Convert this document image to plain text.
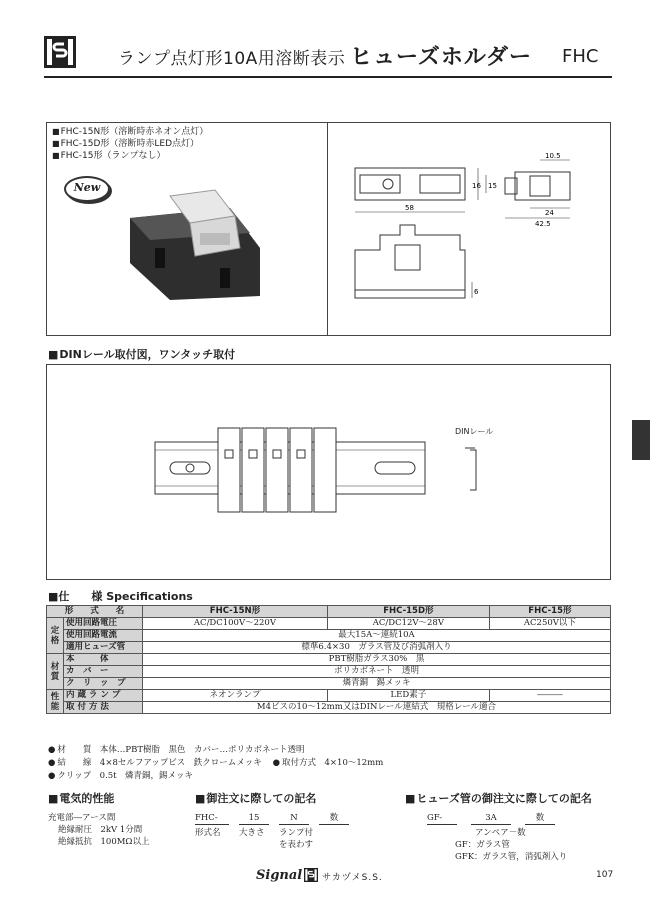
ランプ点灯形10A用溶断表示 ヒューズホルダー FHC
■ FHC-15N形（溶断時赤ネオン点灯）
■ FHC-15D形（溶断時赤LED点灯）
■ FHC-15形（ランプなし）
New
58
16 15
10.5
24
42.5
6
■ DINレール取付図，ワンタッチ取付
DINレール
■仕　　様 Specifications
形　　式　　名		FHC-15N形	FHC-15D形	FHC-15形
定格	使用回路電圧	AC/DC100V～220V	AC/DC12V～28V	AC250V以下
	使用回路電流	最大15A～連続10A		
	適用ヒューズ管	標準6.4×30　ガラス管及び消弧剤入り		
材質	本　　　体	PBT樹脂ガラス30%　黒		
	カ　バ　ー	ポリカボネート　透明		
	ク　リ　ッ　プ	燐青銅　錫メッキ		
性能	内 蔵 ラ ン プ	ネオンランプ	LED素子	―――
	取 付 方 法	M4ビスの10～12mm又はDINレール連結式　規格レール適合		
● 材　　質　本体…PBT樹脂　黒色　カバー…ポリカボネート透明
● 結　　線　4×8セルフアップビス　鉄クロームメッキ ● 取付方式　4×10～12mm
● クリップ　0.5t　燐青銅，錫メッキ
■ 電気的性能
充電部―アース間
絶縁耐圧　2kV 1分間
絶縁抵抗　100MΩ以上
■ 御注文に際しての記名
FHC-	15	N	数
形式名	大きさ	ランプ付
を表わす
■ ヒューズ管の御注文に際しての記名
GF-	3A	数
アンペア－数
GF：ガラス管
GFK：ガラス管，消弧剤入り
Signal サカヅメS.S.	107
